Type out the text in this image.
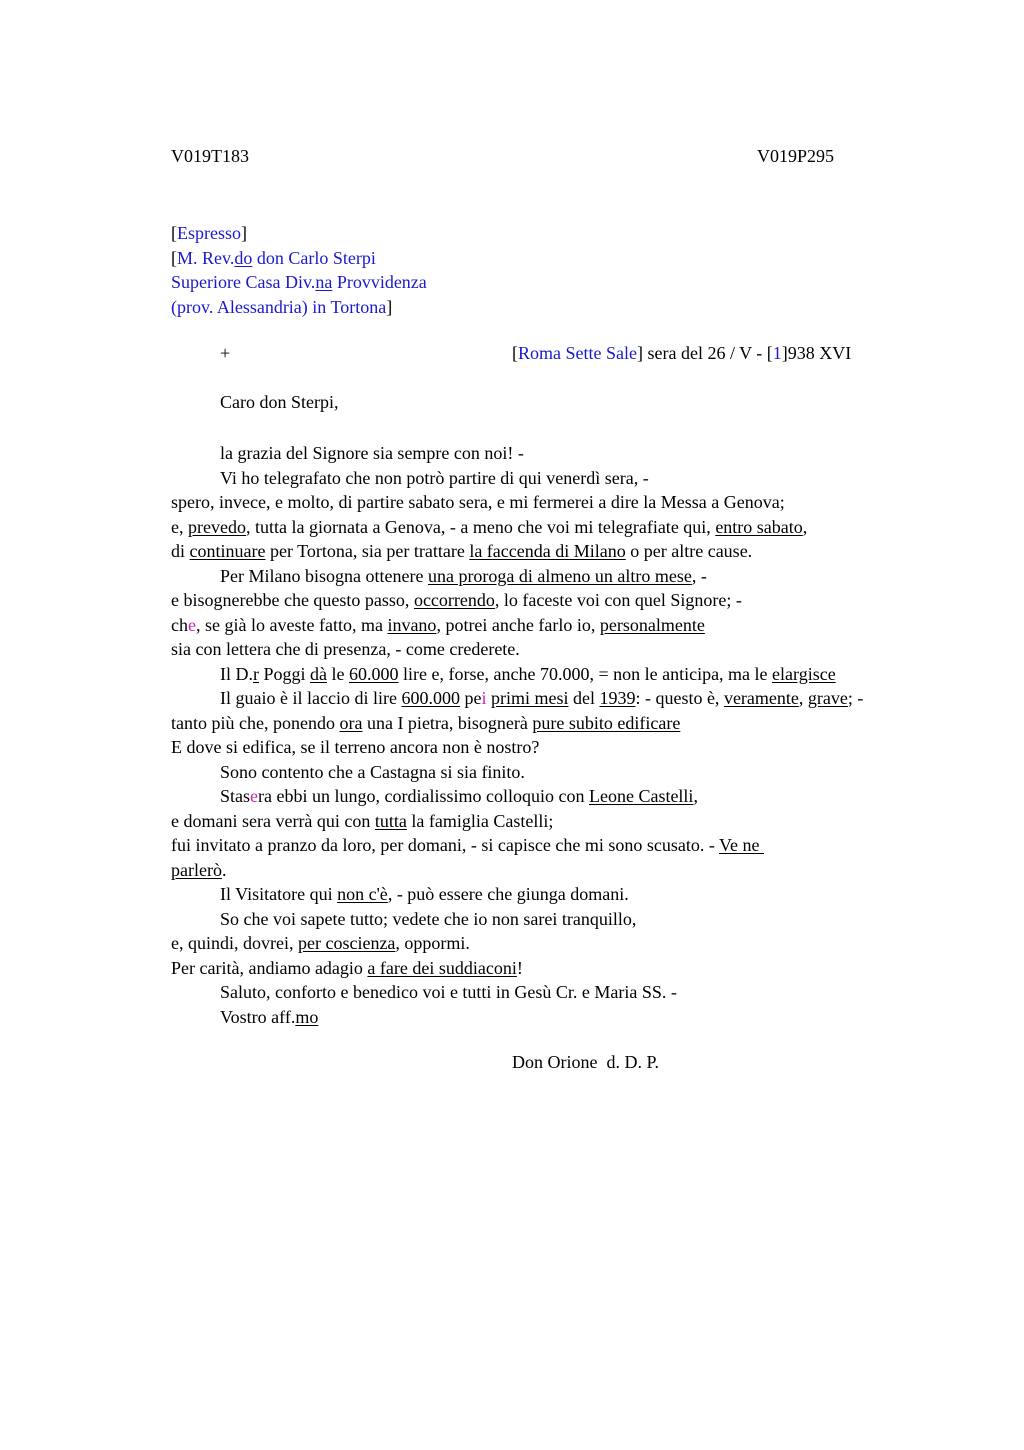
V019T183	V019P295
[Espresso]
[M. Rev.do don Carlo Sterpi
Superiore Casa Div.na Provvidenza
(prov. Alessandria) in Tortona]
+	[Roma Sette Sale] sera del 26 / V - [1]938 XVI
Caro don Sterpi,
la grazia del Signore sia sempre con noi! -
Vi ho telegrafato che non potrò partire di qui venerdì sera, -
spero, invece, e molto, di partire sabato sera, e mi fermerei a dire la Messa a Genova;
e, prevedo, tutta la giornata a Genova, - a meno che voi mi telegrafiate qui, entro sabato,
di continuare per Tortona, sia per trattare la faccenda di Milano o per altre cause.
Per Milano bisogna ottenere una proroga di almeno un altro mese, -
e bisognerebbe che questo passo, occorrendo, lo faceste voi con quel Signore; -
che, se già lo aveste fatto, ma invano, potrei anche farlo io, personalmente
sia con lettera che di presenza, - come crederete.
Il D.r Poggi dà le 60.000 lire e, forse, anche 70.000, = non le anticipa, ma le elargisce
Il guaio è il laccio di lire 600.000 pei primi mesi del 1939: - questo è, veramente, grave; -
tanto più che, ponendo ora una I pietra, bisognerà pure subito edificare
E dove si edifica, se il terreno ancora non è nostro?
Sono contento che a Castagna si sia finito.
Stasera ebbi un lungo, cordialissimo colloquio con Leone Castelli,
e domani sera verrà qui con tutta la famiglia Castelli;
fui invitato a pranzo da loro, per domani, - si capisce che mi sono scusato. - Ve ne
parlerò.
Il Visitatore qui non c'è, - può essere che giunga domani.
So che voi sapete tutto; vedete che io non sarei tranquillo,
e, quindi, dovrei, per coscienza, oppormi.
Per carità, andiamo adagio a fare dei suddiaconi!
Saluto, conforto e benedico voi e tutti in Gesù Cr. e Maria SS. -
Vostro aff.mo
Don Orione  d. D. P.
